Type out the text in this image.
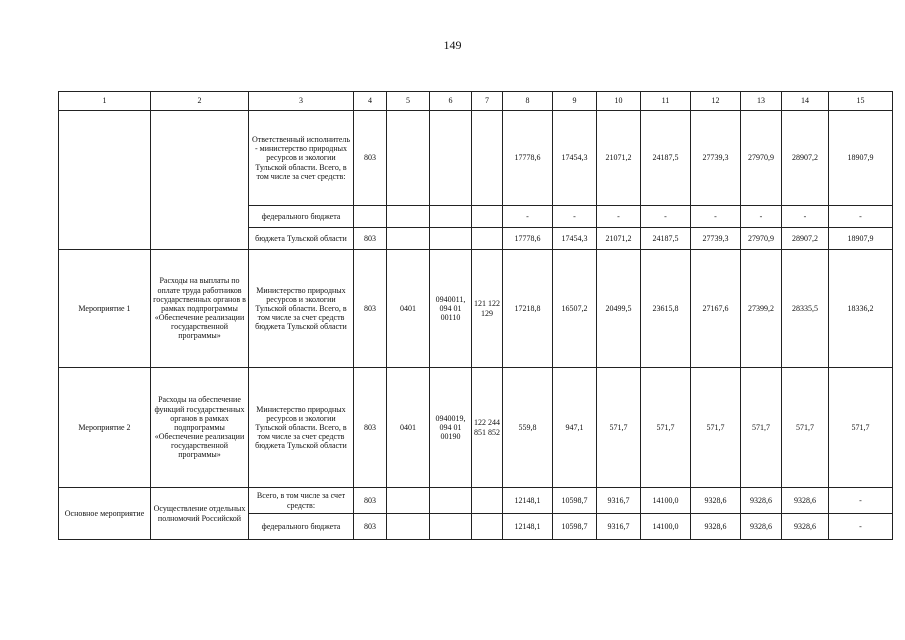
149
1	2	3	4	5	6	7	8	9	10	11	12	13	14	15
		Ответственный исполнитель - министерство природных ресурсов и экологии Тульской области. Всего, в том числе за счет средств:	803				17778,6	17454,3	21071,2	24187,5	27739,3	27970,9	28907,2	18907,9
		федерального бюджета					-	-	-	-	-	-	-	-
		бюджета Тульской области	803				17778,6	17454,3	21071,2	24187,5	27739,3	27970,9	28907,2	18907,9
Мероприятие 1	Расходы на выплаты по оплате труда работников государственных органов в рамках подпрограммы «Обеспечение реализации государственной программы»	Министерство природных ресурсов и экологии Тульской области. Всего, в том числе за счет средств бюджета Тульской области	803	0401	0940011, 094 01 00110	121 122 129	17218,8	16507,2	20499,5	23615,8	27167,6	27399,2	28335,5	18336,2
Мероприятие 2	Расходы на обеспечение функций государственных органов в рамках подпрограммы «Обеспечение реализации государственной программы»	Министерство природных ресурсов и экологии Тульской области. Всего, в том числе за счет средств бюджета Тульской области	803	0401	0940019, 094 01 00190	122 244 851 852	559,8	947,1	571,7	571,7	571,7	571,7	571,7	571,7
Основное мероприятие	Осуществление отдельных полномочий Российской	Всего, в том числе за счет средств:	803				12148,1	10598,7	9316,7	14100,0	9328,6	9328,6	9328,6	-
		федерального бюджета	803				12148,1	10598,7	9316,7	14100,0	9328,6	9328,6	9328,6	-
